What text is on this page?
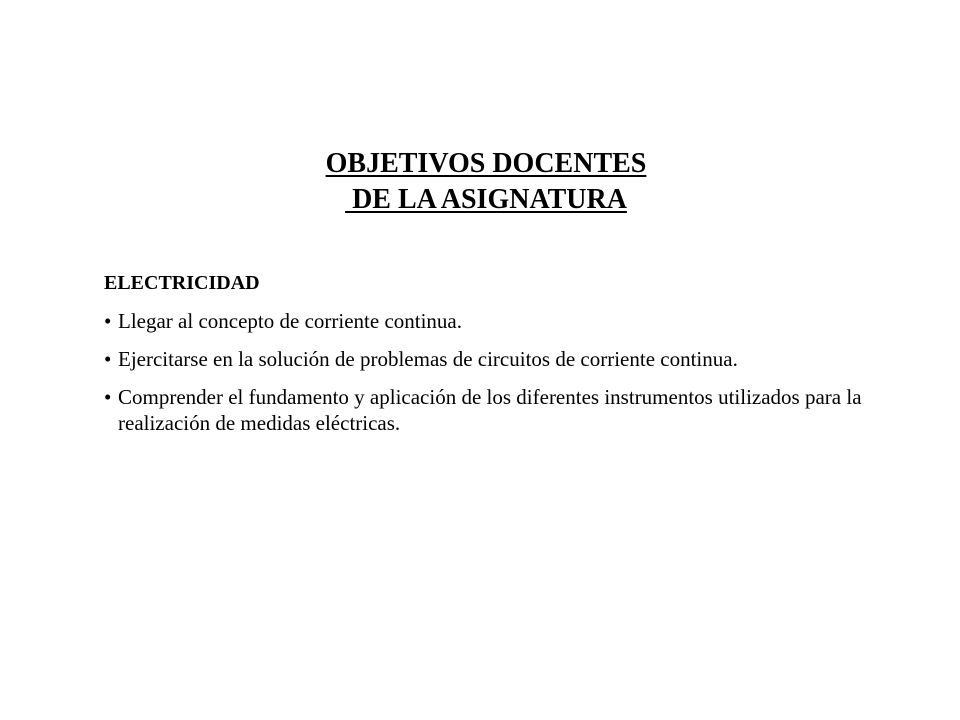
OBJETIVOS DOCENTES
DE LA ASIGNATURA
ELECTRICIDAD
• Llegar al concepto de corriente continua.
• Ejercitarse en la solución de problemas de circuitos de corriente continua.
• Comprender el fundamento y aplicación de los diferentes instrumentos utilizados para la realización de medidas eléctricas.
